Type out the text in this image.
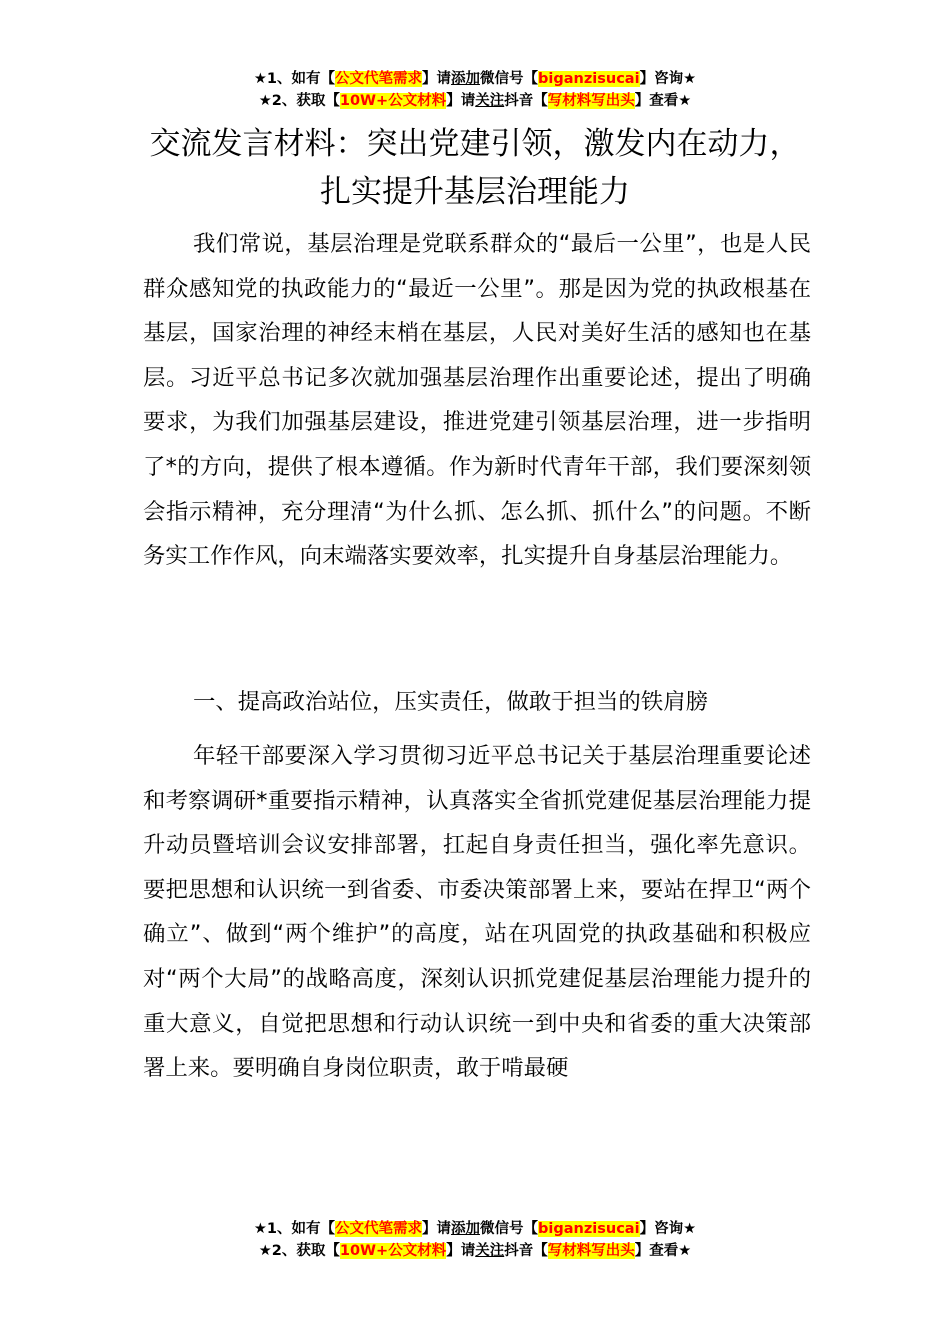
★1、如有【公文代笔需求】请添加微信号【biganzisucai】咨询★
★2、获取【10W+公文材料】请关注抖音【写材料写出头】查看★
交流发言材料：突出党建引领，激发内在动力，扎实提升基层治理能力

我们常说，基层治理是党联系群众的“最后一公里”，也是人民群众感知党的执政能力的“最近一公里”。那是因为党的执政根基在基层，国家治理的神经末梢在基层，人民对美好生活的感知也在基层。习近平总书记多次就加强基层治理作出重要论述，提出了明确要求，为我们加强基层建设，推进党建引领基层治理，进一步指明了*的方向，提供了根本遵循。作为新时代青年干部，我们要深刻领会指示精神，充分理清“为什么抓、怎么抓、抓什么”的问题。不断务实工作作风，向末端落实要效率，扎实提升自身基层治理能力。

一、提高政治站位，压实责任，做敢于担当的铁肩膀

年轻干部要深入学习贯彻习近平总书记关于基层治理重要论述和考察调研*重要指示精神，认真落实全省抓党建促基层治理能力提升动员暨培训会议安排部署，扛起自身责任担当，强化率先意识。要把思想和认识统一到省委、市委决策部署上来，要站在捍卫“两个确立”、做到“两个维护”的高度，站在巩固党的执政基础和积极应对“两个大局”的战略高度，深刻认识抓党建促基层治理能力提升的重大意义，自觉把思想和行动认识统一到中央和省委的重大决策部署上来。要明确自身岗位职责，敢于啃最硬

★1、如有【公文代笔需求】请添加微信号【biganzisucai】咨询★
★2、获取【10W+公文材料】请关注抖音【写材料写出头】查看★
